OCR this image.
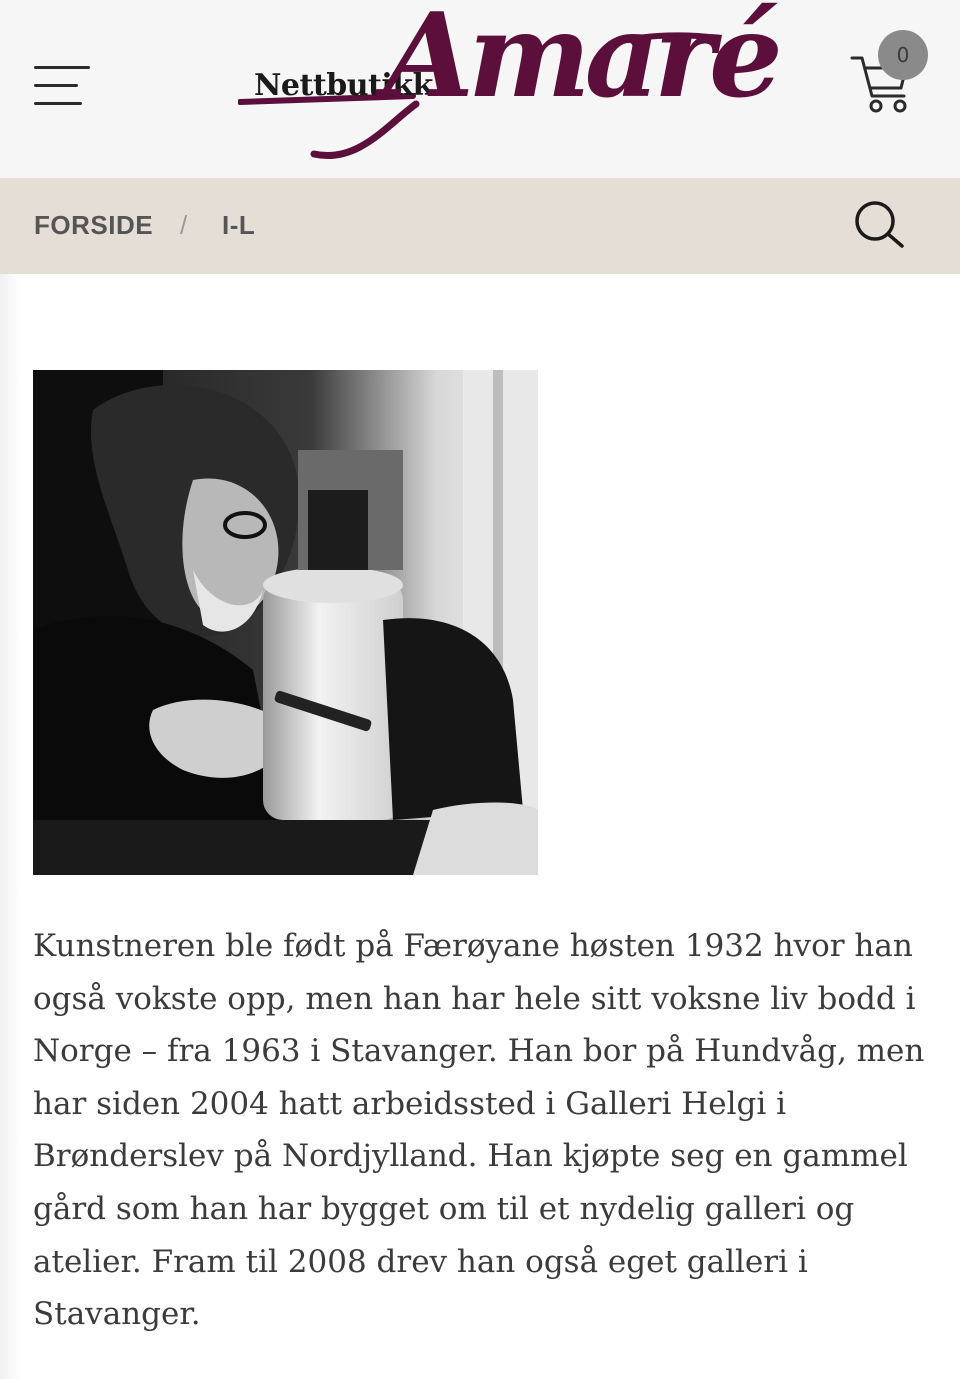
Nettbutikk
Amaré	0
FORSIDE / I-L

Kunstneren ble født på Færøyane høsten 1932 hvor han også vokste opp, men han har hele sitt voksne liv bodd i Norge – fra 1963 i Stavanger. Han bor på Hundvåg, men har siden 2004 hatt arbeidssted i Galleri Helgi i Brønderslev på Nordjylland. Han kjøpte seg en gammel gård som han har bygget om til et nydelig galleri og atelier. Fram til 2008 drev han også eget galleri i Stavanger.
